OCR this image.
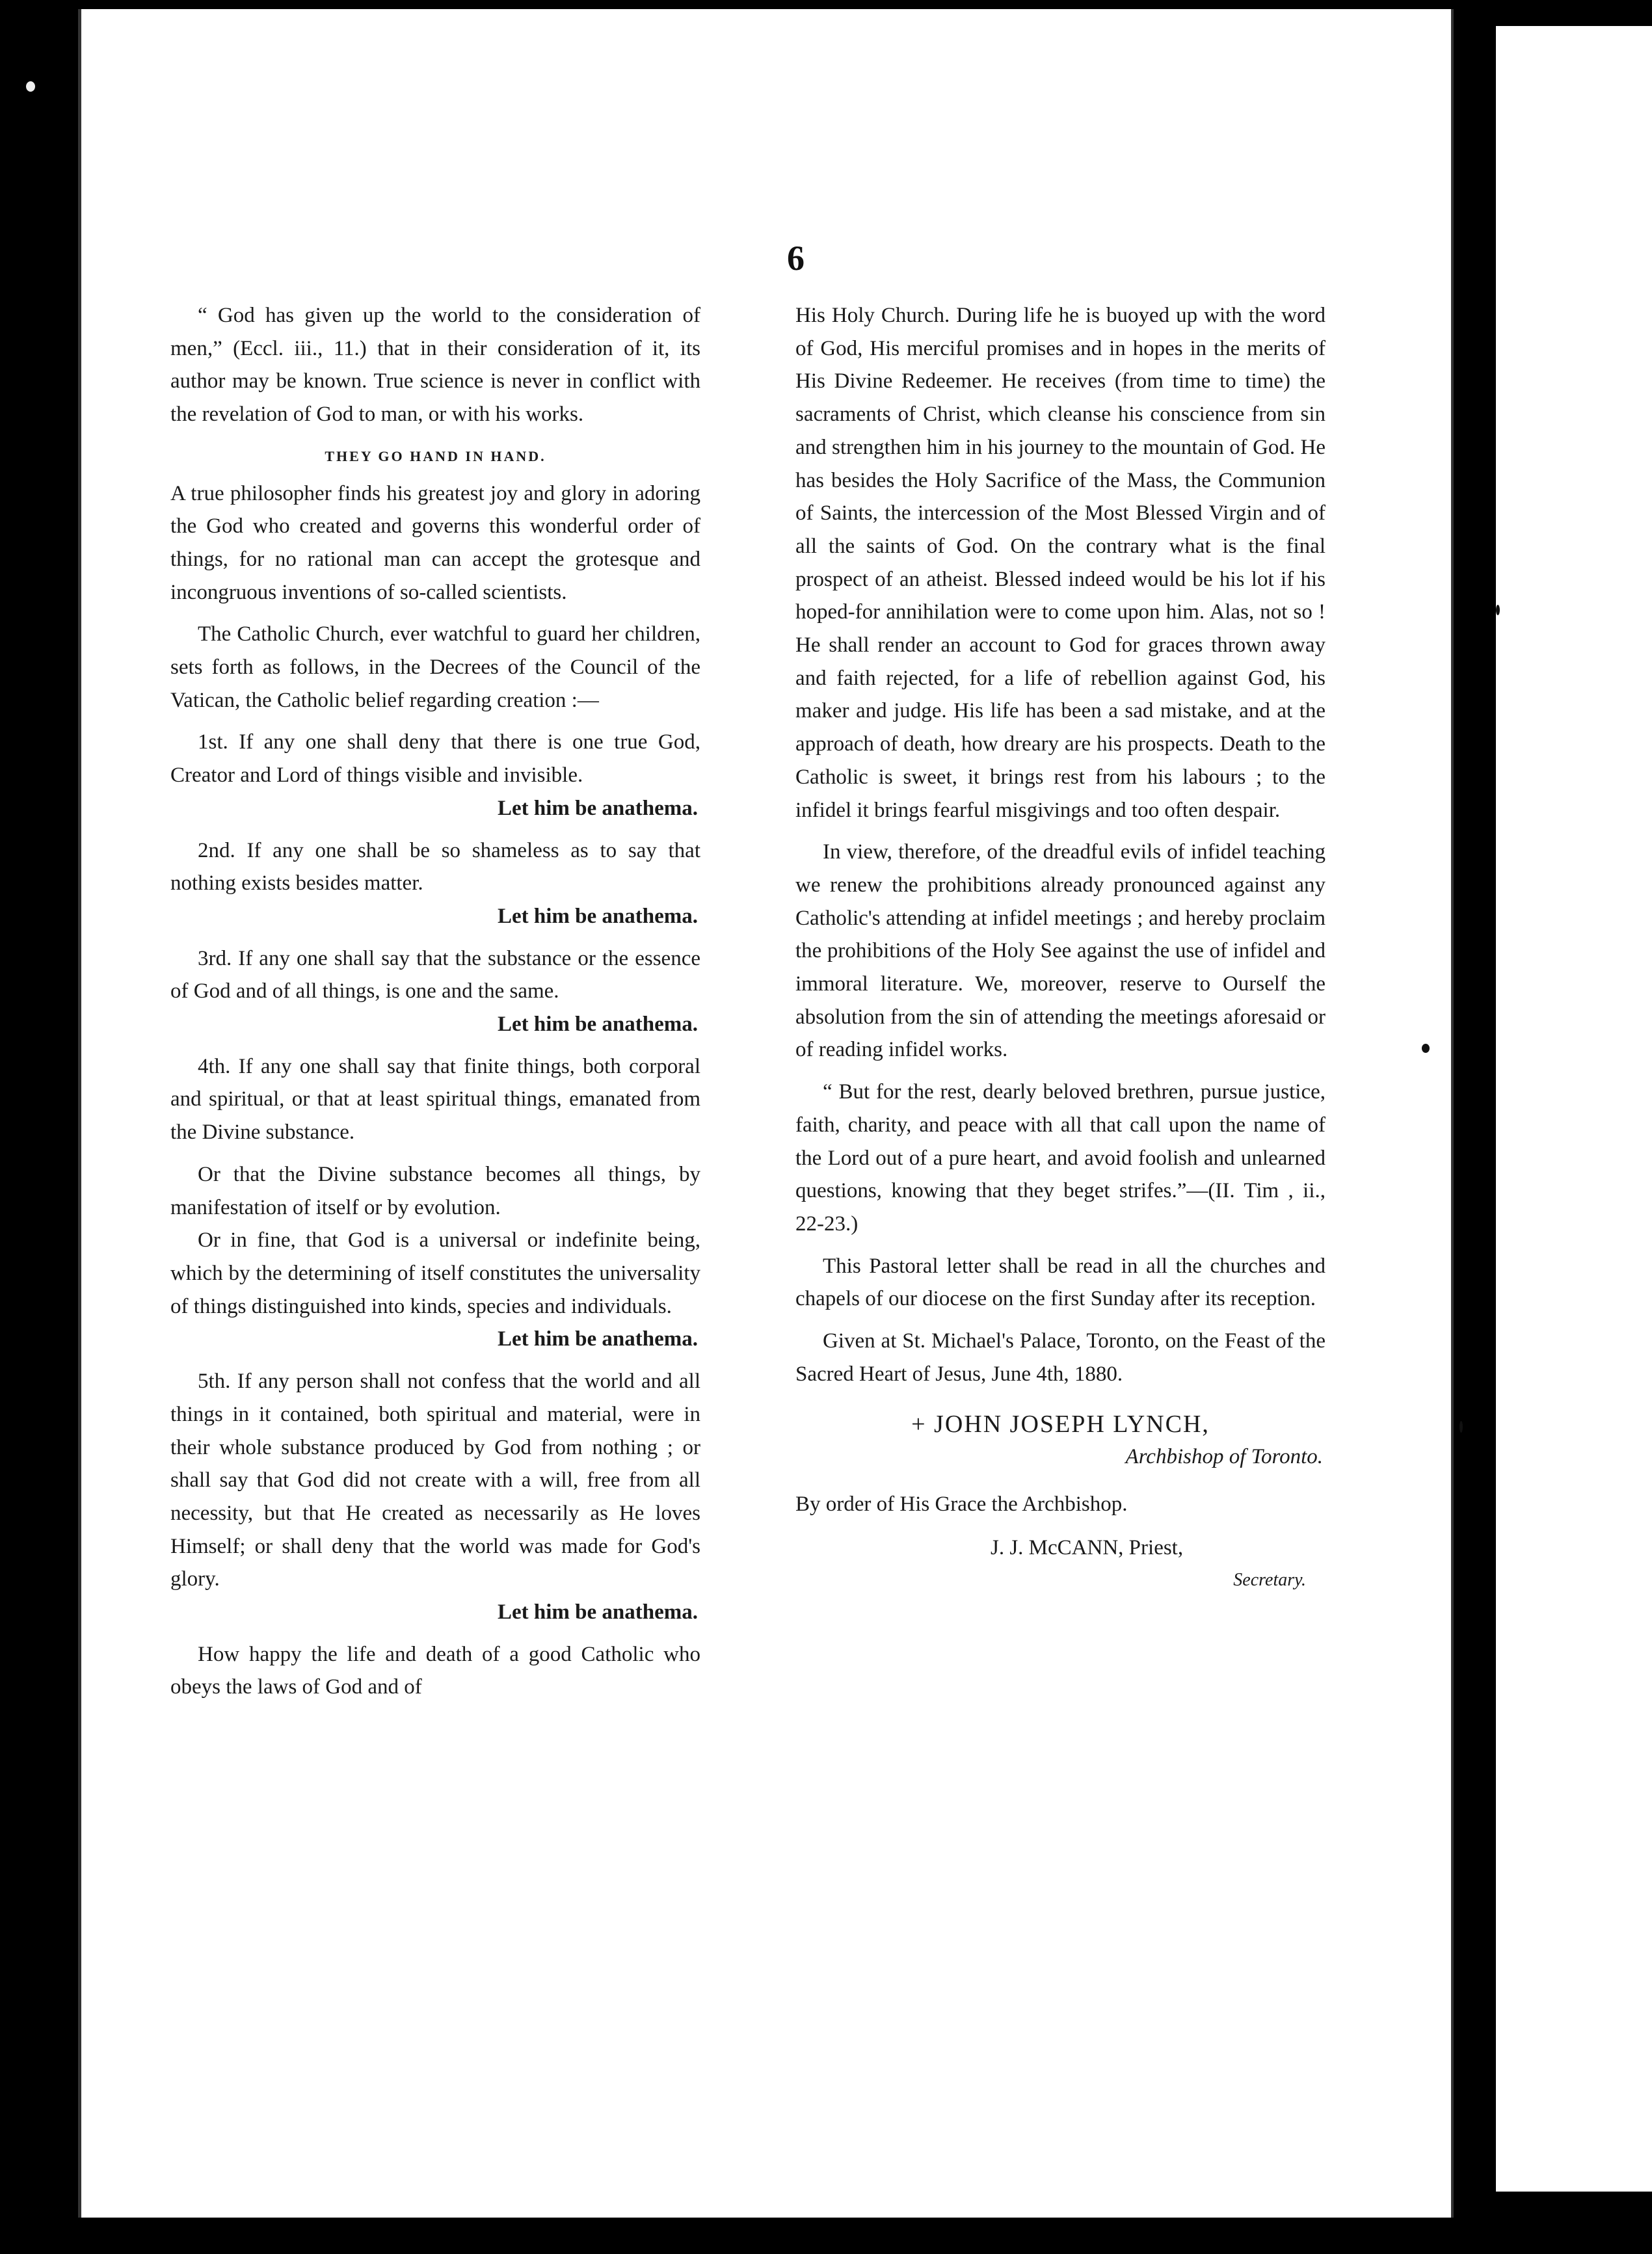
6

“ God has given up the world to the consideration of men,” (Eccl. iii., 11.) that in their consideration of it, its author may be known. True science is never in conflict with the revelation of God to man, or with his works.

THEY GO HAND IN HAND.

A true philosopher finds his greatest joy and glory in adoring the God who created and governs this wonderful order of things, for no rational man can accept the grotesque and incongruous inventions of so-called scientists.

The Catholic Church, ever watchful to guard her children, sets forth as follows, in the Decrees of the Council of the Vatican, the Catholic belief regarding creation :—

1st. If any one shall deny that there is one true God, Creator and Lord of things visible and invisible.

Let him be anathema.

2nd. If any one shall be so shameless as to say that nothing exists besides matter.

Let him be anathema.

3rd. If any one shall say that the substance or the essence of God and of all things, is one and the same.

Let him be anathema.

4th. If any one shall say that finite things, both corporal and spiritual, or that at least spiritual things, emanated from the Divine substance.

Or that the Divine substance becomes all things, by manifestation of itself or by evolution.

Or in fine, that God is a universal or indefinite being, which by the determining of itself constitutes the universality of things distinguished into kinds, species and individuals.

Let him be anathema.

5th. If any person shall not confess that the world and all things in it contained, both spiritual and material, were in their whole substance produced by God from nothing ; or shall say that God did not create with a will, free from all necessity, but that He created as necessarily as He loves Himself; or shall deny that the world was made for God's glory.

Let him be anathema.

How happy the life and death of a good Catholic who obeys the laws of God and of

His Holy Church. During life he is buoyed up with the word of God, His merciful promises and in hopes in the merits of His Divine Redeemer. He receives (from time to time) the sacraments of Christ, which cleanse his conscience from sin and strengthen him in his journey to the mountain of God. He has besides the Holy Sacrifice of the Mass, the Communion of Saints, the intercession of the Most Blessed Virgin and of all the saints of God. On the contrary what is the final prospect of an atheist. Blessed indeed would be his lot if his hoped-for annihilation were to come upon him. Alas, not so ! He shall render an account to God for graces thrown away and faith rejected, for a life of rebellion against God, his maker and judge. His life has been a sad mistake, and at the approach of death, how dreary are his prospects. Death to the Catholic is sweet, it brings rest from his labours ; to the infidel it brings fearful misgivings and too often despair.

In view, therefore, of the dreadful evils of infidel teaching we renew the prohibitions already pronounced against any Catholic's attending at infidel meetings ; and hereby proclaim the prohibitions of the Holy See against the use of infidel and immoral literature. We, moreover, reserve to Ourself the absolution from the sin of attending the meetings aforesaid or of reading infidel works.

“ But for the rest, dearly beloved brethren, pursue justice, faith, charity, and peace with all that call upon the name of the Lord out of a pure heart, and avoid foolish and unlearned questions, knowing that they beget strifes.”—(II. Tim , ii., 22-23.)

This Pastoral letter shall be read in all the churches and chapels of our diocese on the first Sunday after its reception.

Given at St. Michael's Palace, Toronto, on the Feast of the Sacred Heart of Jesus, June 4th, 1880.

+ JOHN JOSEPH LYNCH,

Archbishop of Toronto.

By order of His Grace the Archbishop.

J. J. McCANN, Priest,

Secretary.
